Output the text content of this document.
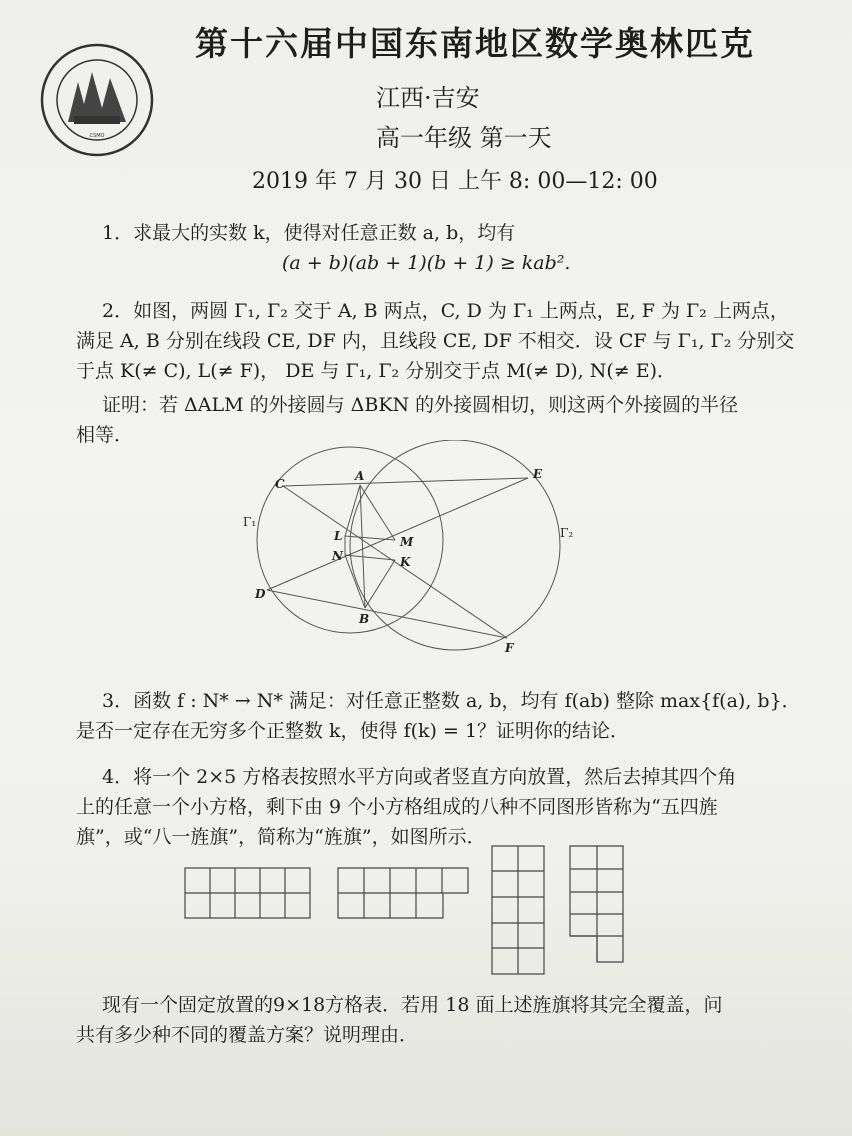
CSMO
第十六届中国东南地区数学奥林匹克
江西·吉安
高一年级 第一天
2019 年 7 月 30 日 上午 8: 00—12: 00
1．求最大的实数 k，使得对任意正数 a, b，均有
(a + b)(ab + 1)(b + 1) ≥ kab².
2．如图，两圆 Γ₁, Γ₂ 交于 A, B 两点，C, D 为 Γ₁ 上两点，E, F 为 Γ₂ 上两点，
满足 A, B 分别在线段 CE, DF 内，且线段 CE, DF 不相交．设 CF 与 Γ₁, Γ₂ 分别交
于点 K(≠ C), L(≠ F)， DE 与 Γ₁, Γ₂ 分别交于点 M(≠ D), N(≠ E)．
证明：若 ΔALM 的外接圆与 ΔBKN 的外接圆相切，则这两个外接圆的半径
相等．
C
A	E
L	M
N	K
D
B
F
Γ₁
Γ₂
3．函数 f : N* → N* 满足：对任意正整数 a, b，均有 f(ab) 整除 max{f(a), b}．
是否一定存在无穷多个正整数 k，使得 f(k) = 1？证明你的结论．
4．将一个 2×5 方格表按照水平方向或者竖直方向放置，然后去掉其四个角
上的任意一个小方格，剩下由 9 个小方格组成的八种不同图形皆称为“五四旌
旗”，或“八一旌旗”，简称为“旌旗”，如图所示．
现有一个固定放置的9×18方格表．若用 18 面上述旌旗将其完全覆盖，问
共有多少种不同的覆盖方案？说明理由．
